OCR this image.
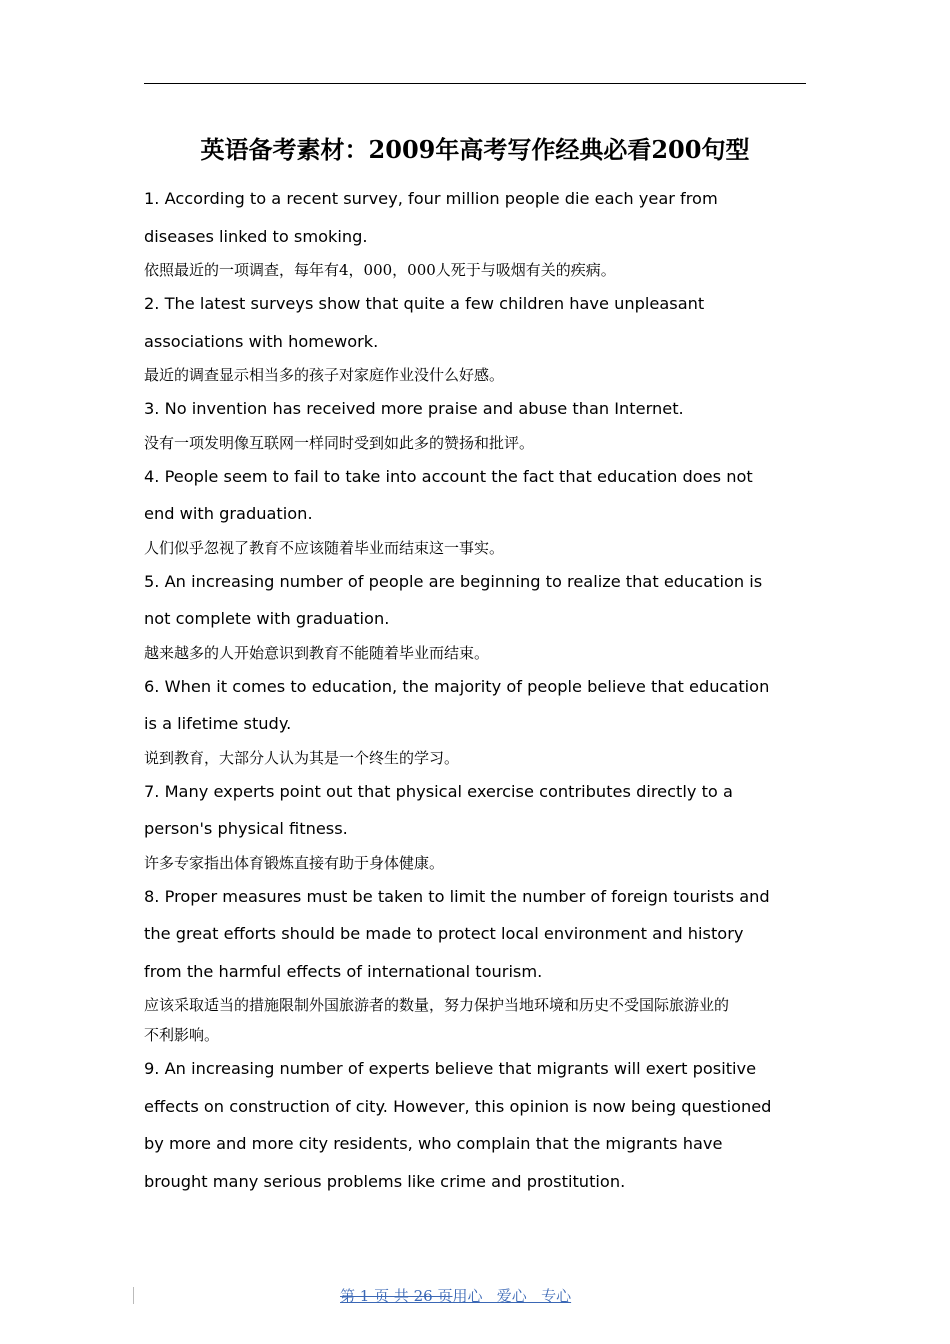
英语备考素材：2009年高考写作经典必看200句型
1. According to a recent survey, four million people die each year from
diseases linked to smoking.
依照最近的一项调查，每年有4，000，000人死于与吸烟有关的疾病。
2. The latest surveys show that quite a few children have unpleasant
associations with homework.
最近的调查显示相当多的孩子对家庭作业没什么好感。
3. No invention has received more praise and abuse than Internet.
没有一项发明像互联网一样同时受到如此多的赞扬和批评。
4. People seem to fail to take into account the fact that education does not
end with graduation.
人们似乎忽视了教育不应该随着毕业而结束这一事实。
5. An increasing number of people are beginning to realize that education is
not complete with graduation.
越来越多的人开始意识到教育不能随着毕业而结束。
6. When it comes to education, the majority of people believe that education
is a lifetime study.
说到教育，大部分人认为其是一个终生的学习。
7. Many experts point out that physical exercise contributes directly to a
person's physical fitness.
许多专家指出体育锻炼直接有助于身体健康。
8. Proper measures must be taken to limit the number of foreign tourists and
the great efforts should be made to protect local environment and history
from the harmful effects of international tourism.
应该采取适当的措施限制外国旅游者的数量，努力保护当地环境和历史不受国际旅游业的
不利影响。
9. An increasing number of experts believe that migrants will exert positive
effects on construction of city. However, this opinion is now being questioned
by more and more city residents, who complain that the migrants have
brought many serious problems like crime and prostitution.
第 1 页 共 26 页用心   爱心   专心
